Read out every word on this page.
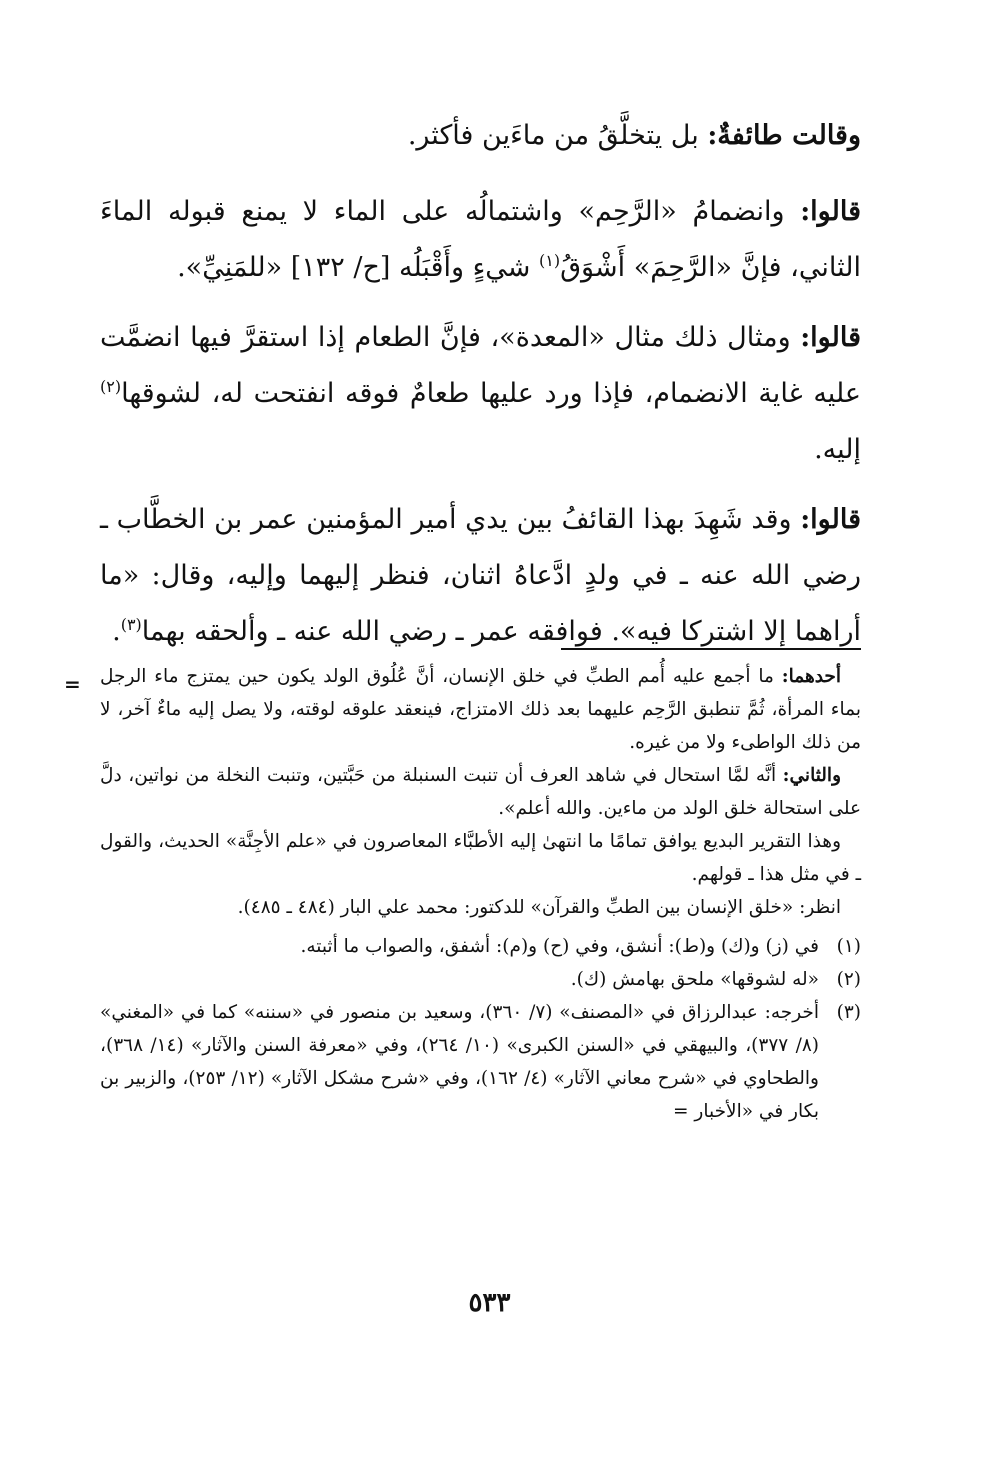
وقالت طائفةٌ: بل يتخلَّقُ من ماءَين فأكثر.

قالوا: وانضمامُ «الرَّحِم» واشتمالُه على الماء لا يمنع قبوله الماءَ الثاني، فإنَّ «الرَّحِمَ» أَشْوَقُ$^{(١)}$ شيءٍ وأَقْبَلُه [ح/ ١٣٢] «للمَنِيِّ».

قالوا: ومثال ذلك مثال «المعدة»، فإنَّ الطعام إذا استقرَّ فيها انضمَّت عليه غاية الانضمام، فإذا ورد عليها طعامٌ فوقه انفتحت له، لشوقها$^{(٢)}$ إليه.

قالوا: وقد شَهِدَ بهذا القائفُ بين يدي أمير المؤمنين عمر بن الخطَّاب ـ رضي الله عنه ـ في ولدٍ ادَّعاهُ اثنان، فنظر إليهما وإليه، وقال: «ما أراهما إلا اشتركا فيه». فوافقه عمر ـ رضي الله عنه ـ وألحقه بهما$^{(٣)}$.

=	أحدهما: ما أجمع عليه أُمم الطبِّ في خلق الإنسان، أنَّ عُلُوق الولد يكون حين يمتزج ماء الرجل بماء المرأة، ثُمَّ تنطبق الرَّحِم عليهما بعد ذلك الامتزاج، فينعقد علوقه لوقته، ولا يصل إليه ماءٌ آخر، لا من ذلك الواطىء ولا من غيره.

والثاني: أنَّه لمَّا استحال في شاهد العرف أن تنبت السنبلة من حَبَّتين، وتنبت النخلة من نواتين، دلَّ على استحالة خلق الولد من ماءين. والله أعلم».

وهذا التقرير البديع يوافق تمامًا ما انتهىٰ إليه الأطبَّاء المعاصرون في «علم الأجِنَّة» الحديث، والقول ـ في مثل هذا ـ قولهم.

انظر: «خلق الإنسان بين الطبِّ والقرآن» للدكتور: محمد علي البار (٤٨٤ ـ ٤٨٥).

(١)
في (ز) و(ك) و(ط): أنشق، وفي (ح) و(م): أشفق، والصواب ما أثبته.
(٢)
«له لشوقها» ملحق بهامش (ك).
(٣)
أخرجه: عبدالرزاق في «المصنف» (٧/ ٣٦٠)، وسعيد بن منصور في «سننه» كما في «المغني» (٨/ ٣٧٧)، والبيهقي في «السنن الكبرى» (١٠/ ٢٦٤)، وفي «معرفة السنن والآثار» (١٤/ ٣٦٨)، والطحاوي في «شرح معاني الآثار» (٤/ ١٦٢)، وفي «شرح مشكل الآثار» (١٢/ ٢٥٣)، والزبير بن بكار في «الأخبار =
٥٣٣
